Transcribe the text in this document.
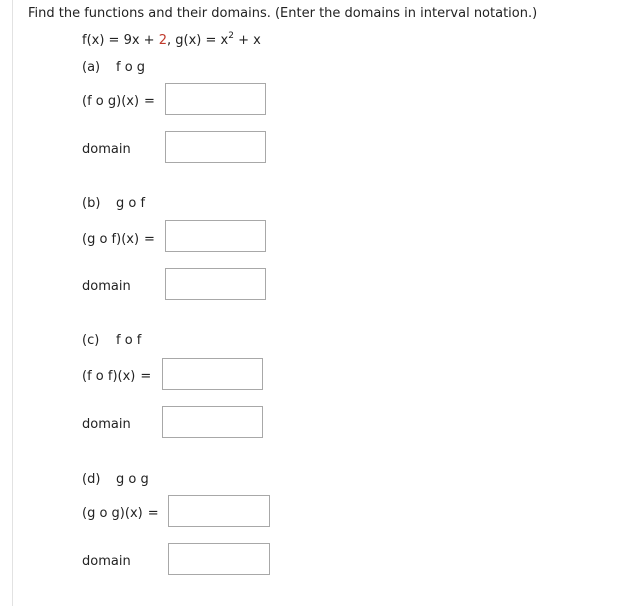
Find the functions and their domains. (Enter the domains in interval notation.)
f(x) = 9x + 2, $g(x) = x^2 + x$
(a) f o g
(f o g)(x) =
domain
(b) g o f
(g o f)(x) =
domain
(c) f o f
(f o f)(x) =
domain
(d) g o g
(g o g)(x) =
domain
